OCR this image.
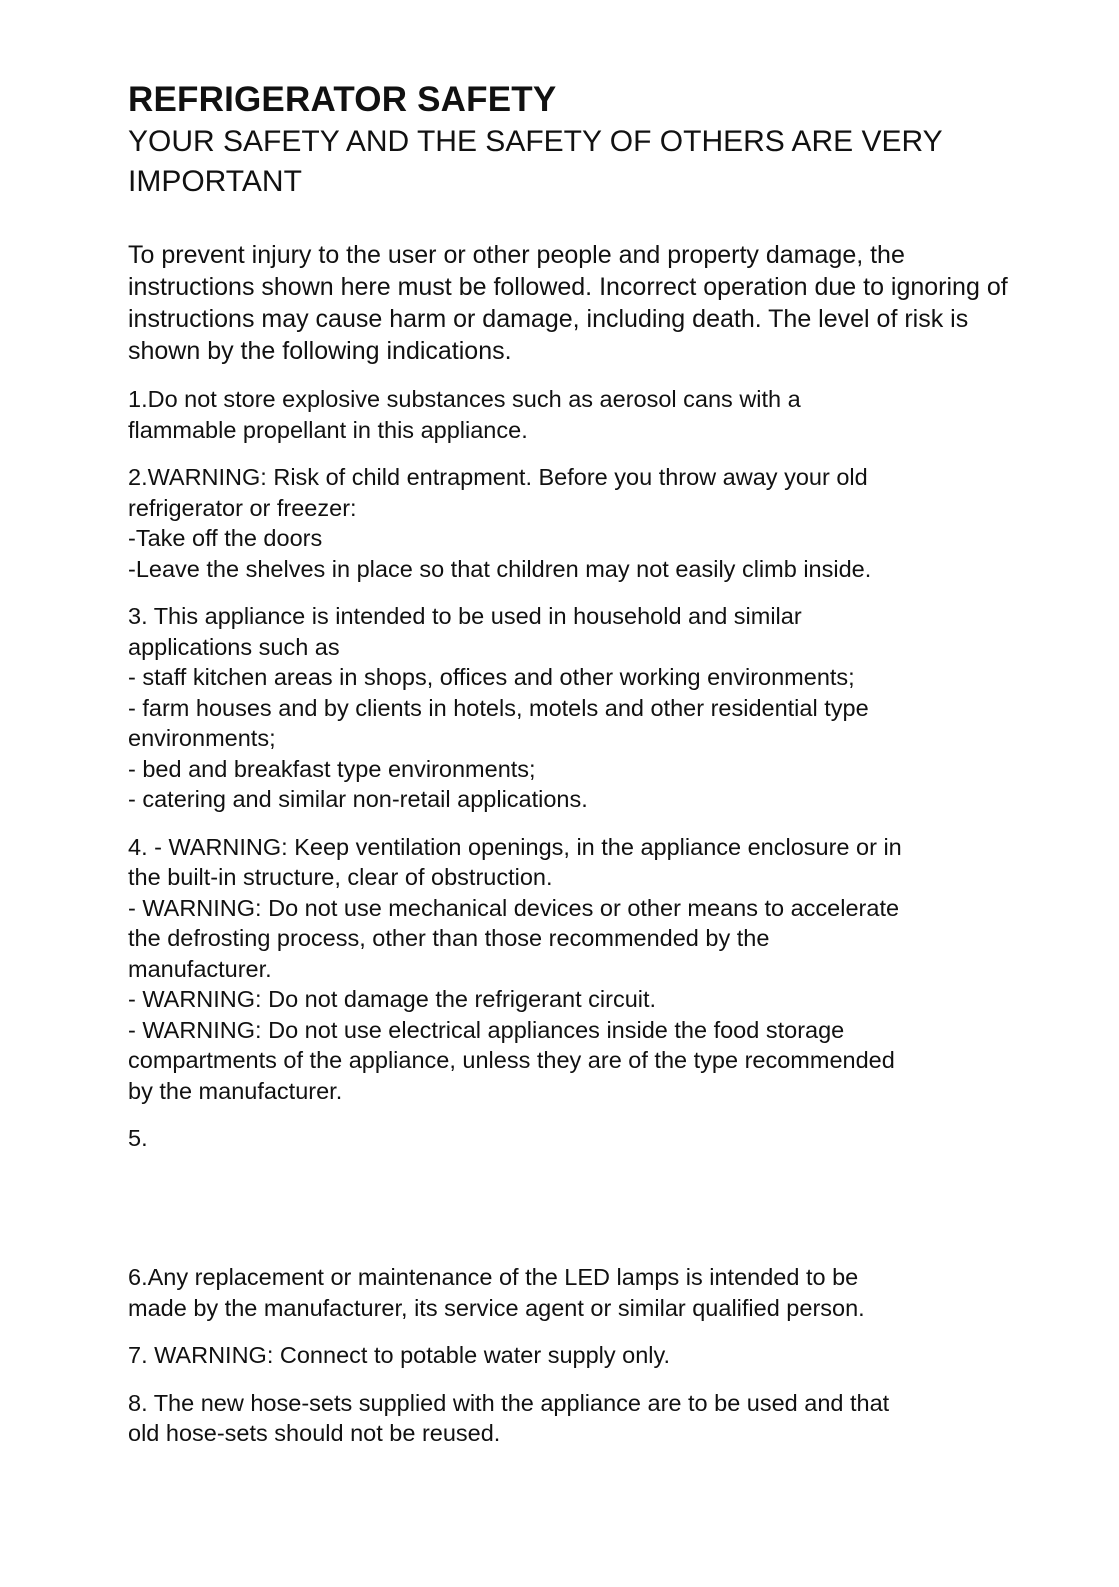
REFRIGERATOR SAFETY
YOUR SAFETY AND THE SAFETY OF OTHERS ARE VERY IMPORTANT

To prevent injury to the user or other people and property damage, the instructions shown here must be followed. Incorrect operation due to ignoring of instructions may cause harm or damage, including death. The level of risk is shown by the following indications.

1.Do not store explosive substances such as aerosol cans with a
flammable propellant in this appliance.
2.WARNING: Risk of child entrapment. Before you throw away your old
refrigerator or freezer:
-Take off the doors
-Leave the shelves in place so that children may not easily climb inside.
3. This appliance is intended to be used in household and similar
applications such as
- staff kitchen areas in shops, offices and other working environments;
- farm houses and by clients in hotels, motels and other residential type
environments;
- bed and breakfast type environments;
- catering and similar non-retail applications.
4. - WARNING: Keep ventilation openings, in the appliance enclosure or in
the built-in structure, clear of obstruction.
- WARNING: Do not use mechanical devices or other means to accelerate
the defrosting process, other than those recommended by the
manufacturer.
- WARNING: Do not damage the refrigerant circuit.
- WARNING: Do not use electrical appliances inside the food storage
compartments of the appliance, unless they are of the type recommended
by the manufacturer.
5.
6.Any replacement or maintenance of the LED lamps is intended to be
made by the manufacturer, its service agent or similar qualified person.
7. WARNING: Connect to potable water supply only.
8. The new hose-sets supplied with the appliance are to be used and that
old hose-sets should not be reused.
